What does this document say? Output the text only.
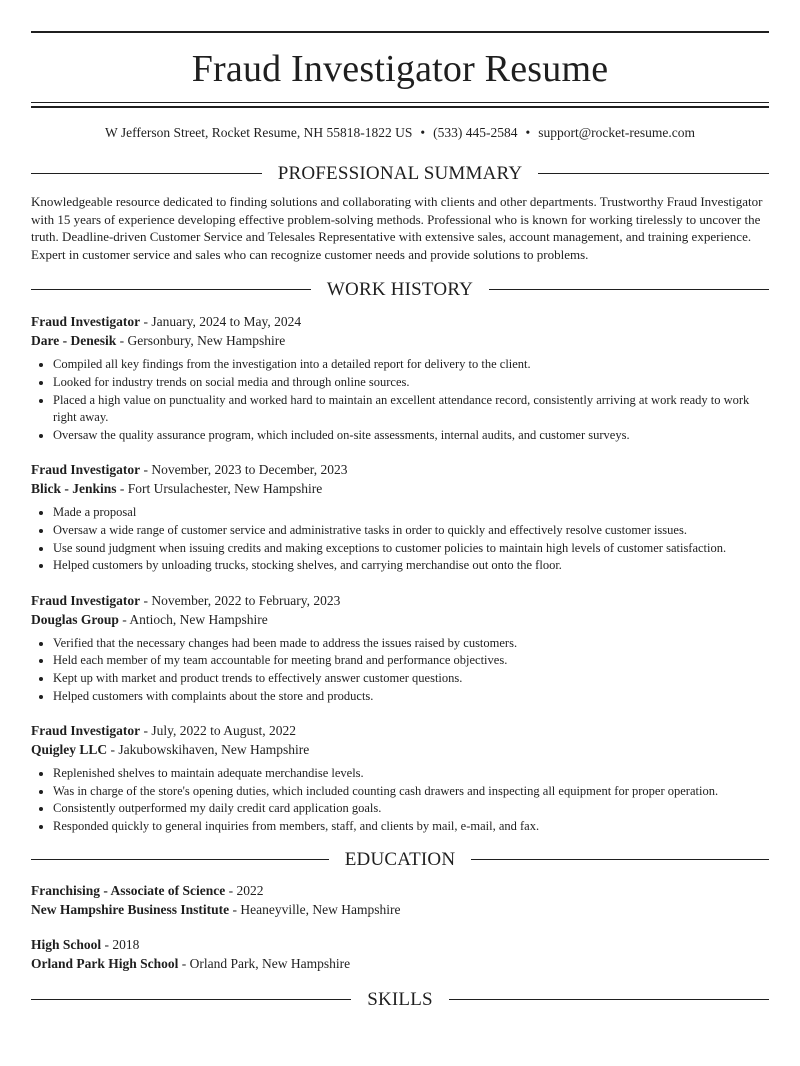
Fraud Investigator Resume
W Jefferson Street, Rocket Resume, NH 55818-1822 US • (533) 445-2584 • support@rocket-resume.com
PROFESSIONAL SUMMARY
Knowledgeable resource dedicated to finding solutions and collaborating with clients and other departments. Trustworthy Fraud Investigator with 15 years of experience developing effective problem-solving methods. Professional who is known for working tirelessly to uncover the truth. Deadline-driven Customer Service and Telesales Representative with extensive sales, account management, and training experience. Expert in customer service and sales who can recognize customer needs and provide solutions to problems.
WORK HISTORY
Fraud Investigator - January, 2024 to May, 2024
Dare - Denesik - Gersonbury, New Hampshire
• Compiled all key findings from the investigation into a detailed report for delivery to the client.
• Looked for industry trends on social media and through online sources.
• Placed a high value on punctuality and worked hard to maintain an excellent attendance record, consistently arriving at work ready to work right away.
• Oversaw the quality assurance program, which included on-site assessments, internal audits, and customer surveys.
Fraud Investigator - November, 2023 to December, 2023
Blick - Jenkins - Fort Ursulachester, New Hampshire
• Made a proposal
• Oversaw a wide range of customer service and administrative tasks in order to quickly and effectively resolve customer issues.
• Use sound judgment when issuing credits and making exceptions to customer policies to maintain high levels of customer satisfaction.
• Helped customers by unloading trucks, stocking shelves, and carrying merchandise out onto the floor.
Fraud Investigator - November, 2022 to February, 2023
Douglas Group - Antioch, New Hampshire
• Verified that the necessary changes had been made to address the issues raised by customers.
• Held each member of my team accountable for meeting brand and performance objectives.
• Kept up with market and product trends to effectively answer customer questions.
• Helped customers with complaints about the store and products.
Fraud Investigator - July, 2022 to August, 2022
Quigley LLC - Jakubowskihaven, New Hampshire
• Replenished shelves to maintain adequate merchandise levels.
• Was in charge of the store's opening duties, which included counting cash drawers and inspecting all equipment for proper operation.
• Consistently outperformed my daily credit card application goals.
• Responded quickly to general inquiries from members, staff, and clients by mail, e-mail, and fax.
EDUCATION
Franchising - Associate of Science - 2022
New Hampshire Business Institute - Heaneyville, New Hampshire
High School - 2018
Orland Park High School - Orland Park, New Hampshire
SKILLS
